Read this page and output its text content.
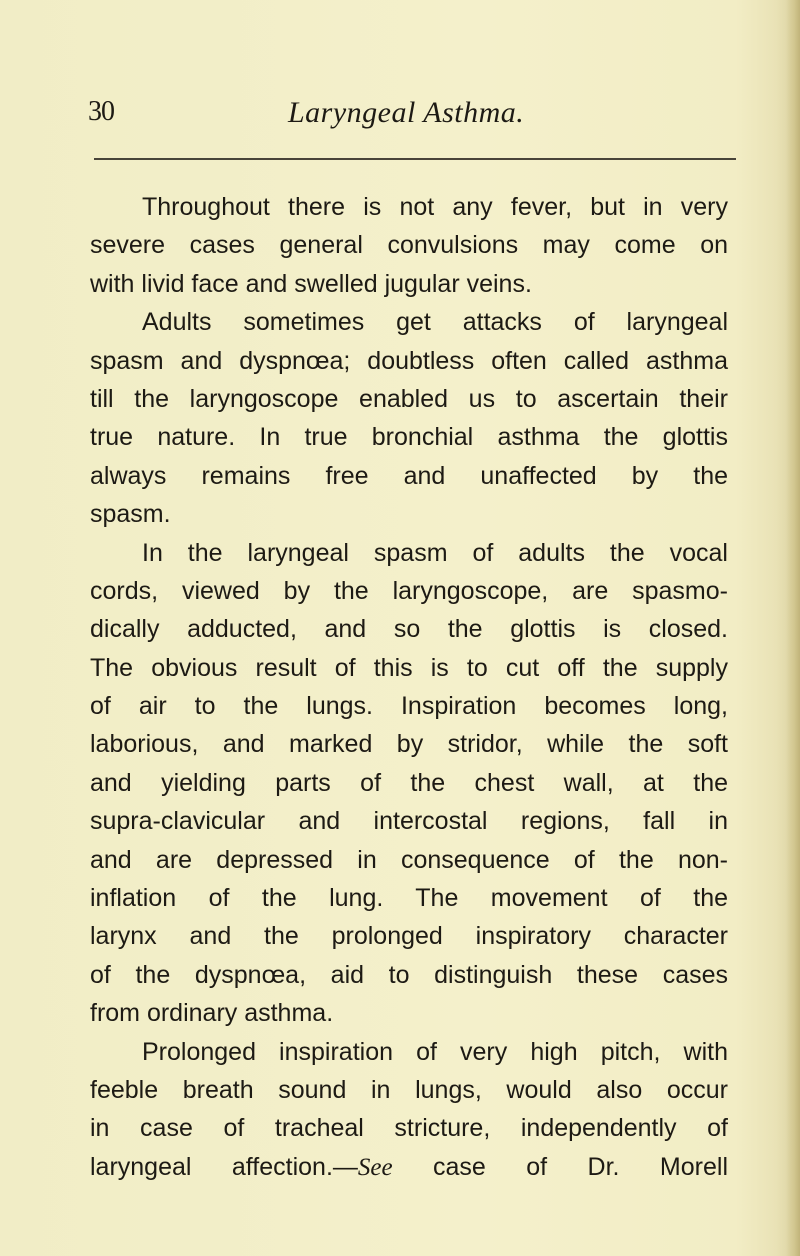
30	Laryngeal Asthma.
Throughout there is not any fever, but in very
severe cases general convulsions may come on
with livid face and swelled jugular veins.
Adults sometimes get attacks of laryngeal
spasm and dyspnœa; doubtless often called asthma
till the laryngoscope enabled us to ascertain their
true nature. In true bronchial asthma the glottis
always remains free and unaffected by the
spasm.
In the laryngeal spasm of adults the vocal
cords, viewed by the laryngoscope, are spasmo-
dically adducted, and so the glottis is closed.
The obvious result of this is to cut off the supply
of air to the lungs. Inspiration becomes long,
laborious, and marked by stridor, while the soft
and yielding parts of the chest wall, at the
supra-clavicular and intercostal regions, fall in
and are depressed in consequence of the non-
inflation of the lung. The movement of the
larynx and the prolonged inspiratory character
of the dyspnœa, aid to distinguish these cases
from ordinary asthma.
Prolonged inspiration of very high pitch, with
feeble breath sound in lungs, would also occur
in case of tracheal stricture, independently of
laryngeal affection.—See case of Dr. Morell
